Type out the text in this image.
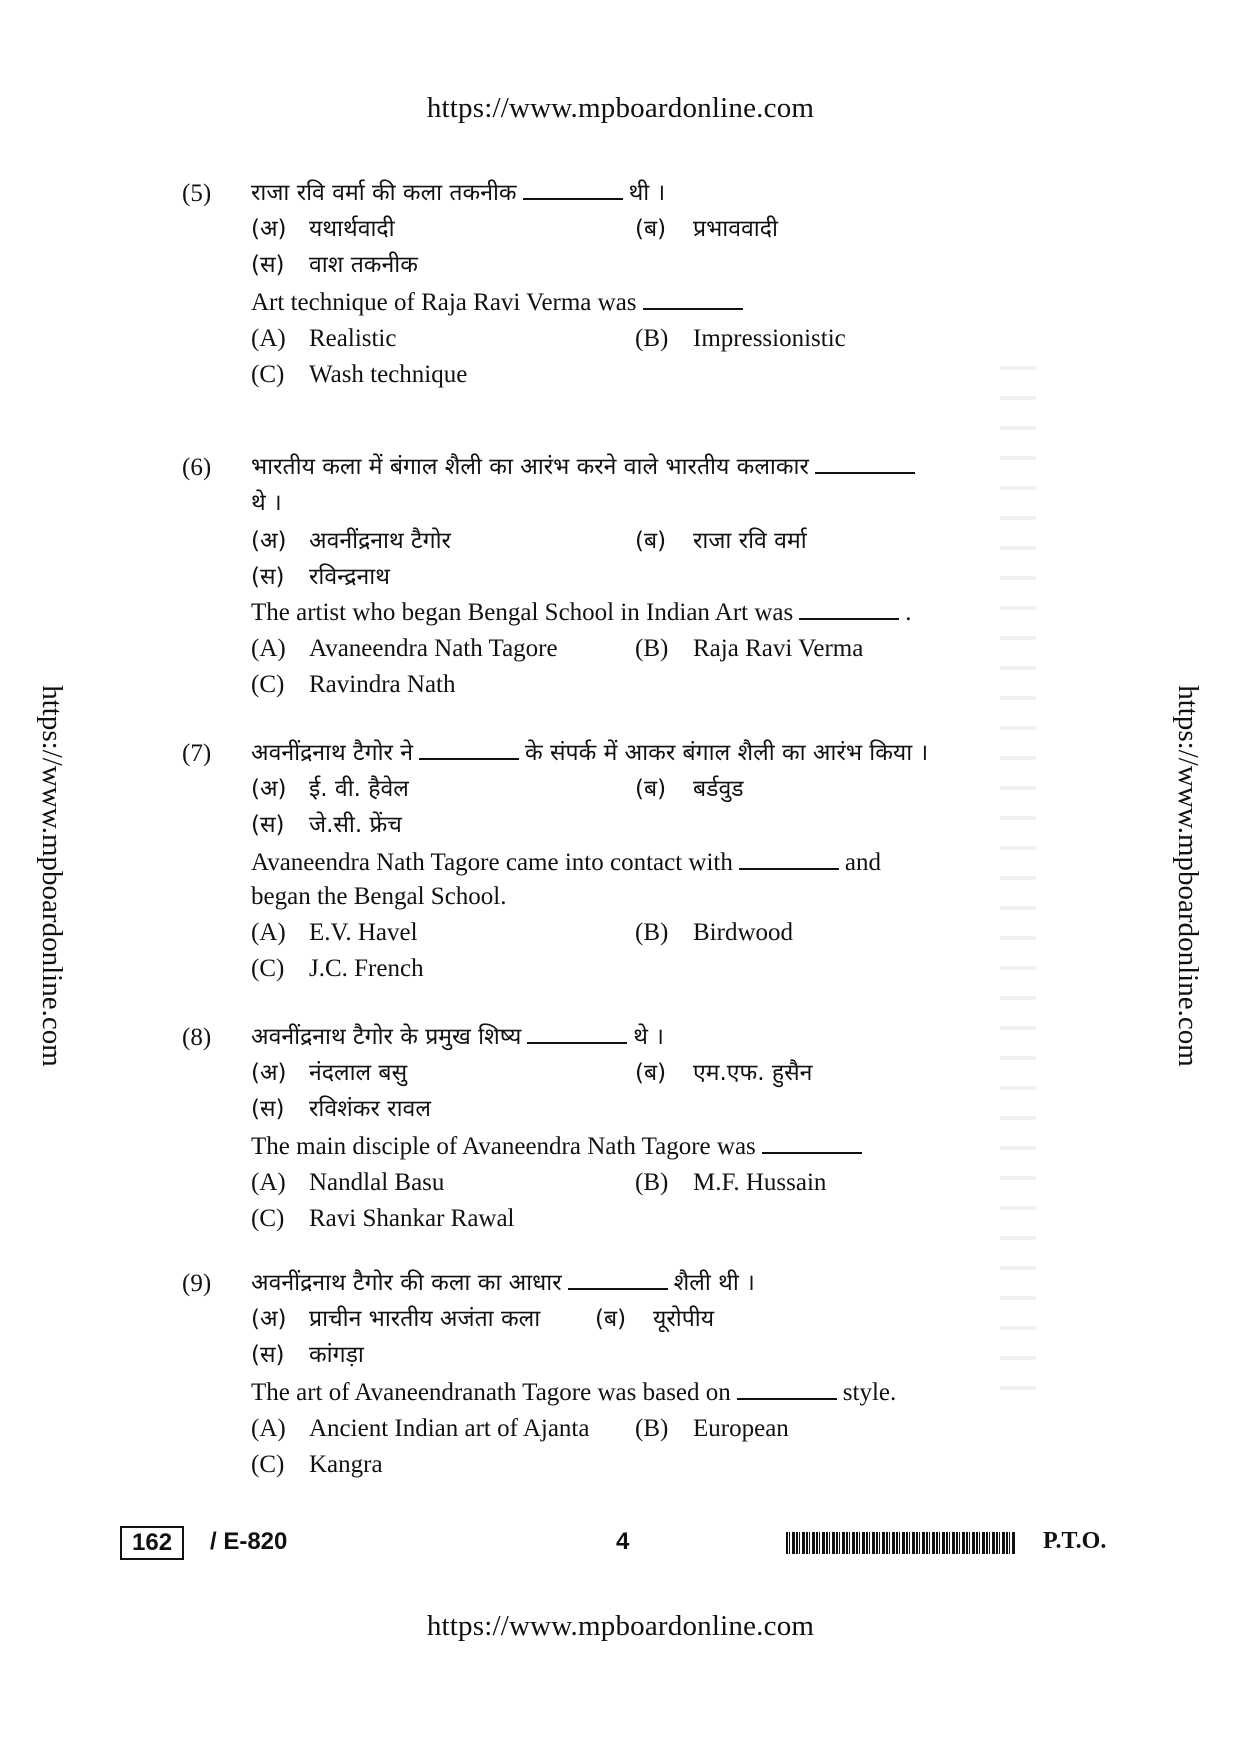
https://www.mpboardonline.com
https://www.mpboardonline.com	https://www.mpboardonline.com
(5) राजा रवि वर्मा की कला तकनीक	थी ।
(अ) यथार्थवादी	(ब) प्रभाववादी
(स) वाश तकनीक
Art technique of Raja Ravi Verma was
(A) Realistic	(B) Impressionistic
(C) Wash technique
(6) भारतीय कला में बंगाल शैली का आरंभ करने वाले भारतीय कलाकार
थे ।
(अ) अवनींद्रनाथ टैगोर	(ब) राजा रवि वर्मा
(स) रविन्द्रनाथ
The artist who began Bengal School in Indian Art was	.
(A) Avaneendra Nath Tagore	(B) Raja Ravi Verma
(C) Ravindra Nath
(7) अवनींद्रनाथ टैगोर ने	के संपर्क में आकर बंगाल शैली का आरंभ किया ।
(अ) ई. वी. हैवेल	(ब) बर्डवुड
(स) जे.सी. फ्रेंच
Avaneendra Nath Tagore came into contact with	and
began the Bengal School.
(A) E.V. Havel	(B) Birdwood
(C) J.C. French
(8) अवनींद्रनाथ टैगोर के प्रमुख शिष्य	थे ।
(अ) नंदलाल बसु	(ब) एम.एफ. हुसैन
(स) रविशंकर रावल
The main disciple of Avaneendra Nath Tagore was
(A) Nandlal Basu	(B) M.F. Hussain
(C) Ravi Shankar Rawal
(9) अवनींद्रनाथ टैगोर की कला का आधार	शैली थी ।
(अ) प्राचीन भारतीय अजंता कला (ब) यूरोपीय
(स) कांगड़ा
The art of Avaneendranath Tagore was based on	style.
(A) Ancient Indian art of Ajanta (B) European
(C) Kangra
162	/ E-820	4	P.T.O.
https://www.mpboardonline.com
